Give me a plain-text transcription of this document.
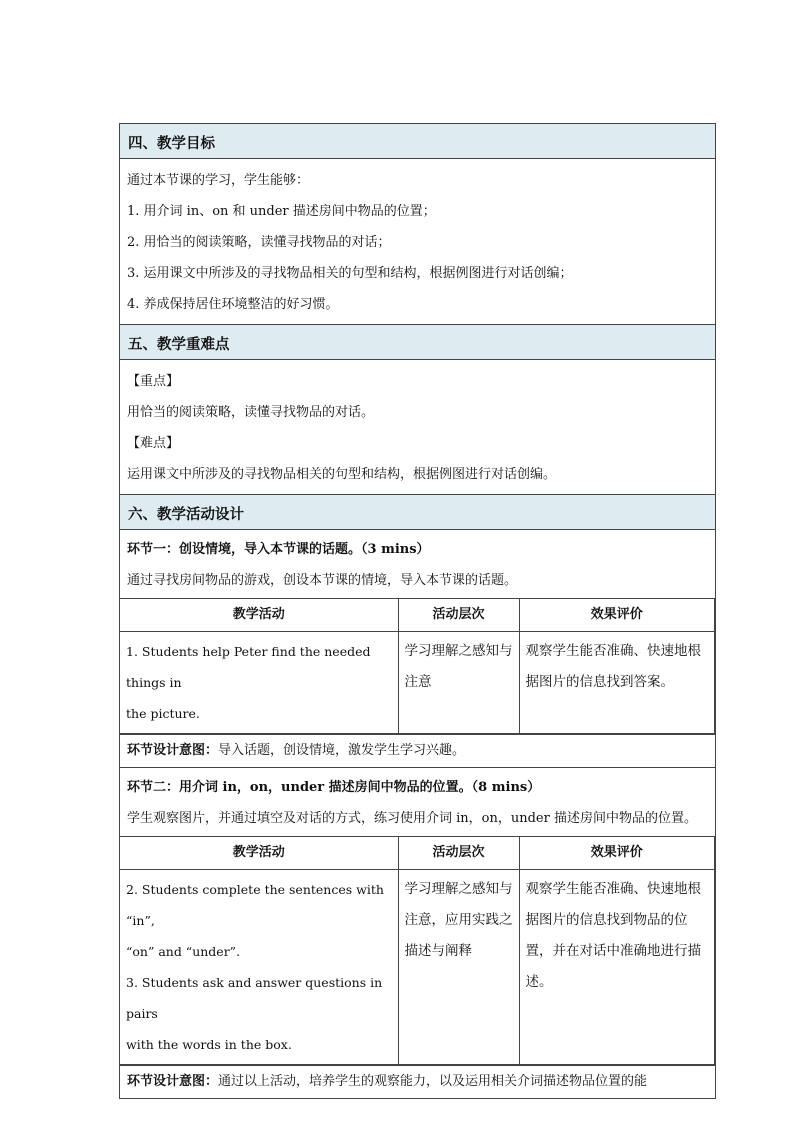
四、教学目标

通过本节课的学习，学生能够：
1. 用介词 in、on 和 under 描述房间中物品的位置；
2. 用恰当的阅读策略，读懂寻找物品的对话；
3. 运用课文中所涉及的寻找物品相关的句型和结构，根据例图进行对话创编；
4. 养成保持居住环境整洁的好习惯。

五、教学重难点

【重点】
用恰当的阅读策略，读懂寻找物品的对话。
【难点】
运用课文中所涉及的寻找物品相关的句型和结构，根据例图进行对话创编。

六、教学活动设计

环节一：创设情境，导入本节课的话题。（3 mins）
通过寻找房间物品的游戏，创设本节课的情境，导入本节课的话题。

教学活动	活动层次	效果评价

1. Students help Peter find the needed things in
the picture.
	学习理解之感知与注意	观察学生能否准确、快速地根据图片的信息找到答案。

环节设计意图：导入话题，创设情境，激发学生学习兴趣。

环节二：用介词 in，on，under 描述房间中物品的位置。（8 mins）
学生观察图片，并通过填空及对话的方式，练习使用介词 in，on，under 描述房间中物品的位置。

教学活动	活动层次	效果评价

2. Students complete the sentences with “in”,
“on” and “under”.
3. Students ask and answer questions in pairs
with the words in the box.
	学习理解之感知与注意，应用实践之描述与阐释	观察学生能否准确、快速地根据图片的信息找到物品的位置，并在对话中准确地进行描述。

环节设计意图：通过以上活动，培养学生的观察能力，以及运用相关介词描述物品位置的能
